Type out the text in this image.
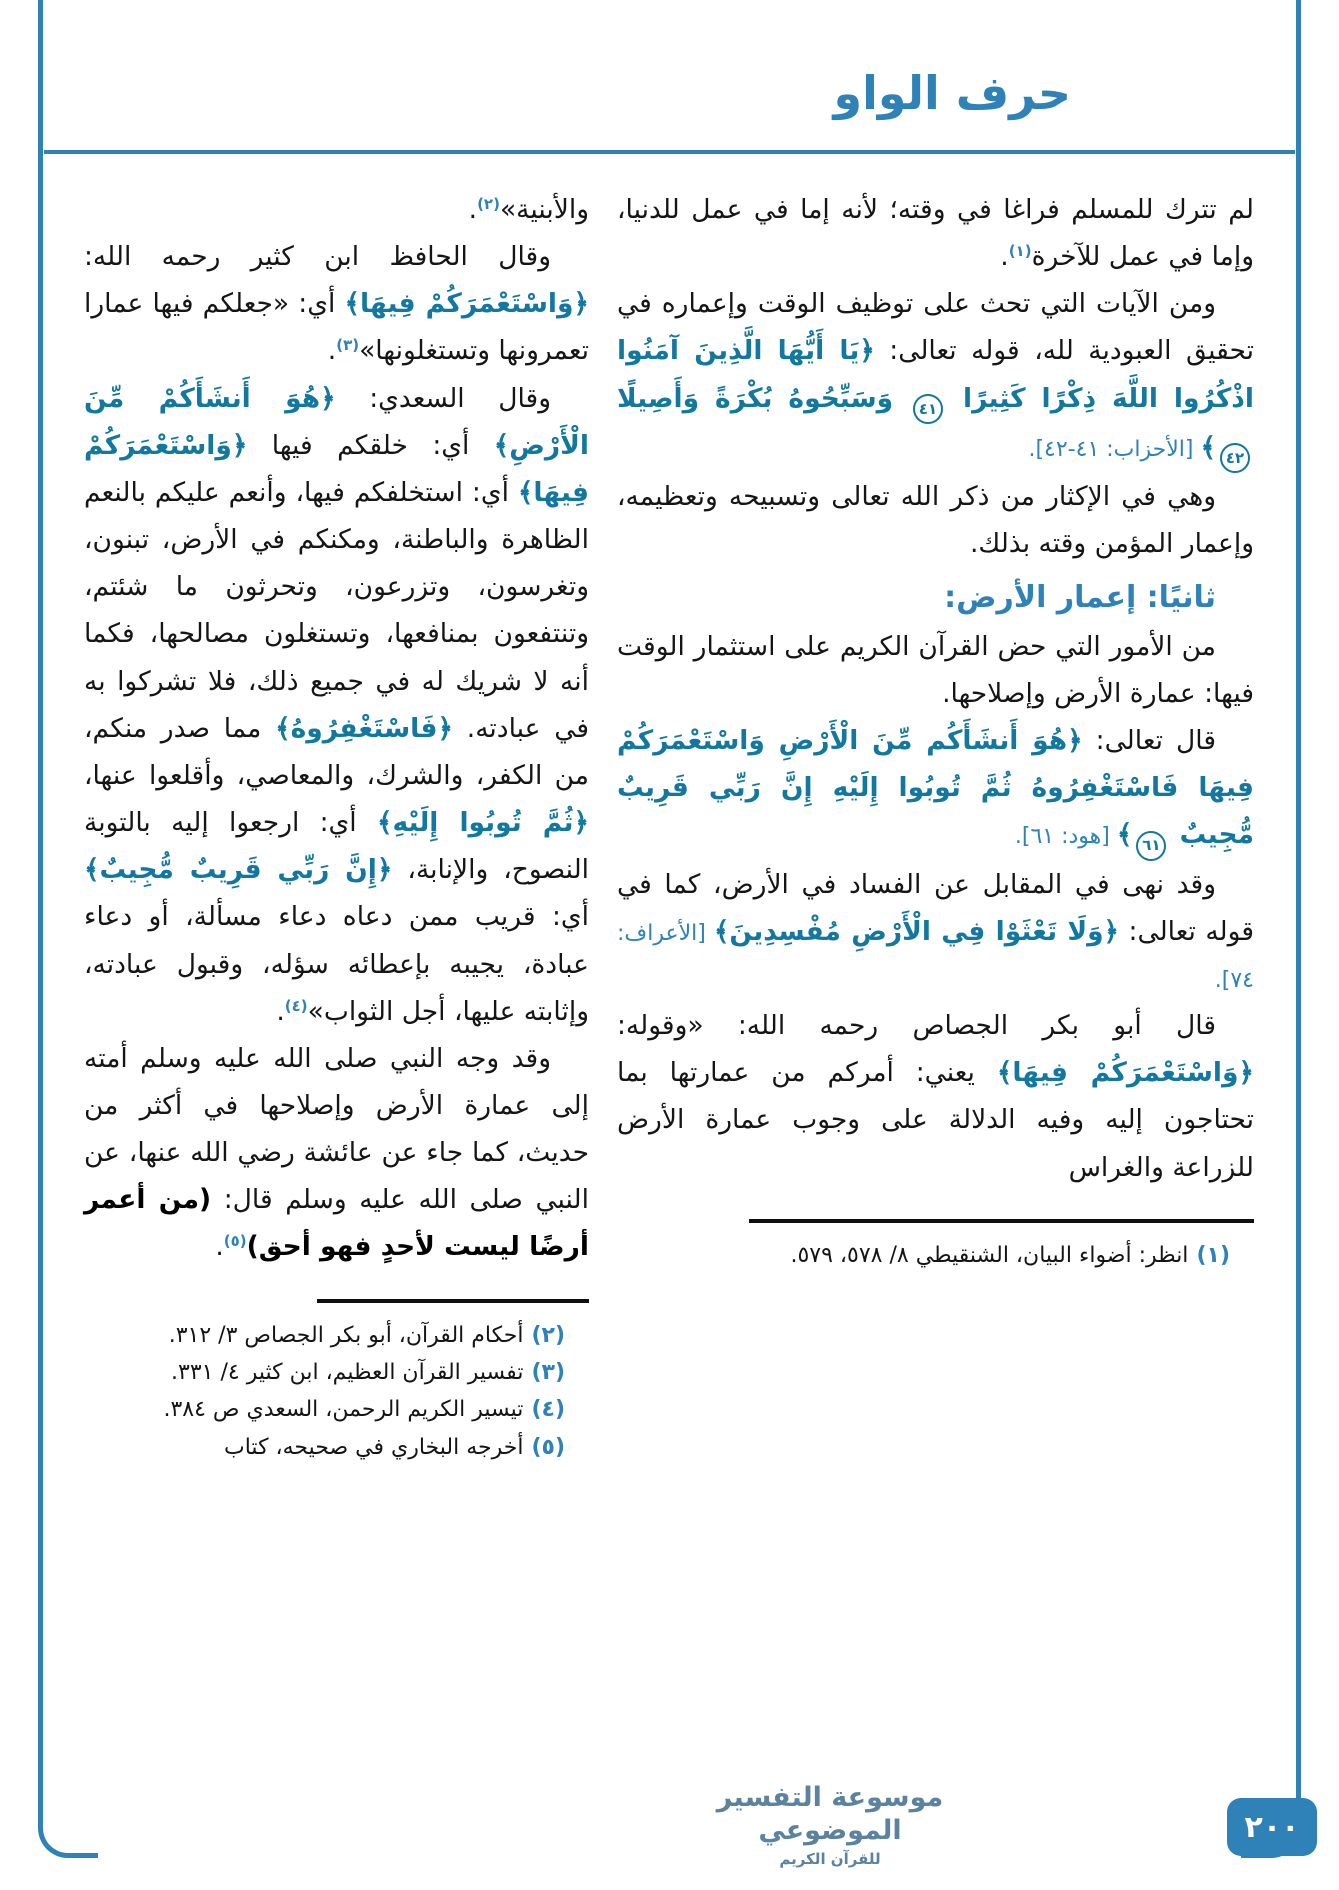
حرف الواو

لم تترك للمسلم فراغا في وقته؛ لأنه إما في عمل للدنيا، وإما في عمل للآخرة$^{(١)}$.

ومن الآيات التي تحث على توظيف الوقت وإعماره في تحقيق العبودية لله، قوله تعالى: ﴿يَا أَيُّهَا الَّذِينَ آمَنُوا اذْكُرُوا اللَّهَ ذِكْرًا كَثِيرًا ٤١ وَسَبِّحُوهُ بُكْرَةً وَأَصِيلًا ٤٢﴾ [الأحزاب: ٤١-٤٢].

وهي في الإكثار من ذكر الله تعالى وتسبيحه وتعظيمه، وإعمار المؤمن وقته بذلك.

ثانيًا: إعمار الأرض:

من الأمور التي حض القرآن الكريم على استثمار الوقت فيها: عمارة الأرض وإصلاحها.

قال تعالى: ﴿هُوَ أَنشَأَكُم مِّنَ الْأَرْضِ وَاسْتَعْمَرَكُمْ فِيهَا فَاسْتَغْفِرُوهُ ثُمَّ تُوبُوا إِلَيْهِ إِنَّ رَبِّي قَرِيبٌ مُّجِيبٌ ٦١﴾ [هود: ٦١].

وقد نهى في المقابل عن الفساد في الأرض، كما في قوله تعالى: ﴿وَلَا تَعْثَوْا فِي الْأَرْضِ مُفْسِدِينَ﴾ [الأعراف: ٧٤].

قال أبو بكر الجصاص رحمه الله: «وقوله: ﴿وَاسْتَعْمَرَكُمْ فِيهَا﴾ يعني: أمركم من عمارتها بما تحتاجون إليه وفيه الدلالة على وجوب عمارة الأرض للزراعة والغراس

(١)انظر: أضواء البيان، الشنقيطي ٨/ ٥٧٨، ٥٧٩.

والأبنية»$^{(٢)}$.

وقال الحافظ ابن كثير رحمه الله: ﴿وَاسْتَعْمَرَكُمْ فِيهَا﴾ أي: «جعلكم فيها عمارا تعمرونها وتستغلونها»$^{(٣)}$.

وقال السعدي: ﴿هُوَ أَنشَأَكُمْ مِّنَ الْأَرْضِ﴾ أي: خلقكم فيها ﴿وَاسْتَعْمَرَكُمْ فِيهَا﴾ أي: استخلفكم فيها، وأنعم عليكم بالنعم الظاهرة والباطنة، ومكنكم في الأرض، تبنون، وتغرسون، وتزرعون، وتحرثون ما شئتم، وتنتفعون بمنافعها، وتستغلون مصالحها، فكما أنه لا شريك له في جميع ذلك، فلا تشركوا به في عبادته. ﴿فَاسْتَغْفِرُوهُ﴾ مما صدر منكم، من الكفر، والشرك، والمعاصي، وأقلعوا عنها، ﴿ثُمَّ تُوبُوا إِلَيْهِ﴾ أي: ارجعوا إليه بالتوبة النصوح، والإنابة، ﴿إِنَّ رَبِّي قَرِيبٌ مُّجِيبٌ﴾ أي: قريب ممن دعاه دعاء مسألة، أو دعاء عبادة، يجيبه بإعطائه سؤله، وقبول عبادته، وإثابته عليها، أجل الثواب»$^{(٤)}$.

وقد وجه النبي صلى الله عليه وسلم أمته إلى عمارة الأرض وإصلاحها في أكثر من حديث، كما جاء عن عائشة رضي الله عنها، عن النبي صلى الله عليه وسلم قال: (من أعمر أرضًا ليست لأحدٍ فهو أحق)$^{(٥)}$.

(٢)أحكام القرآن، أبو بكر الجصاص ٣/ ٣١٢.
(٣)تفسير القرآن العظيم، ابن كثير ٤/ ٣٣١.
(٤)تيسير الكريم الرحمن، السعدي ص ٣٨٤.
(٥)أخرجه البخاري في صحيحه، كتاب
موسوعة التفسير الموضوعي
للقرآن الكريم
٢٠٠
